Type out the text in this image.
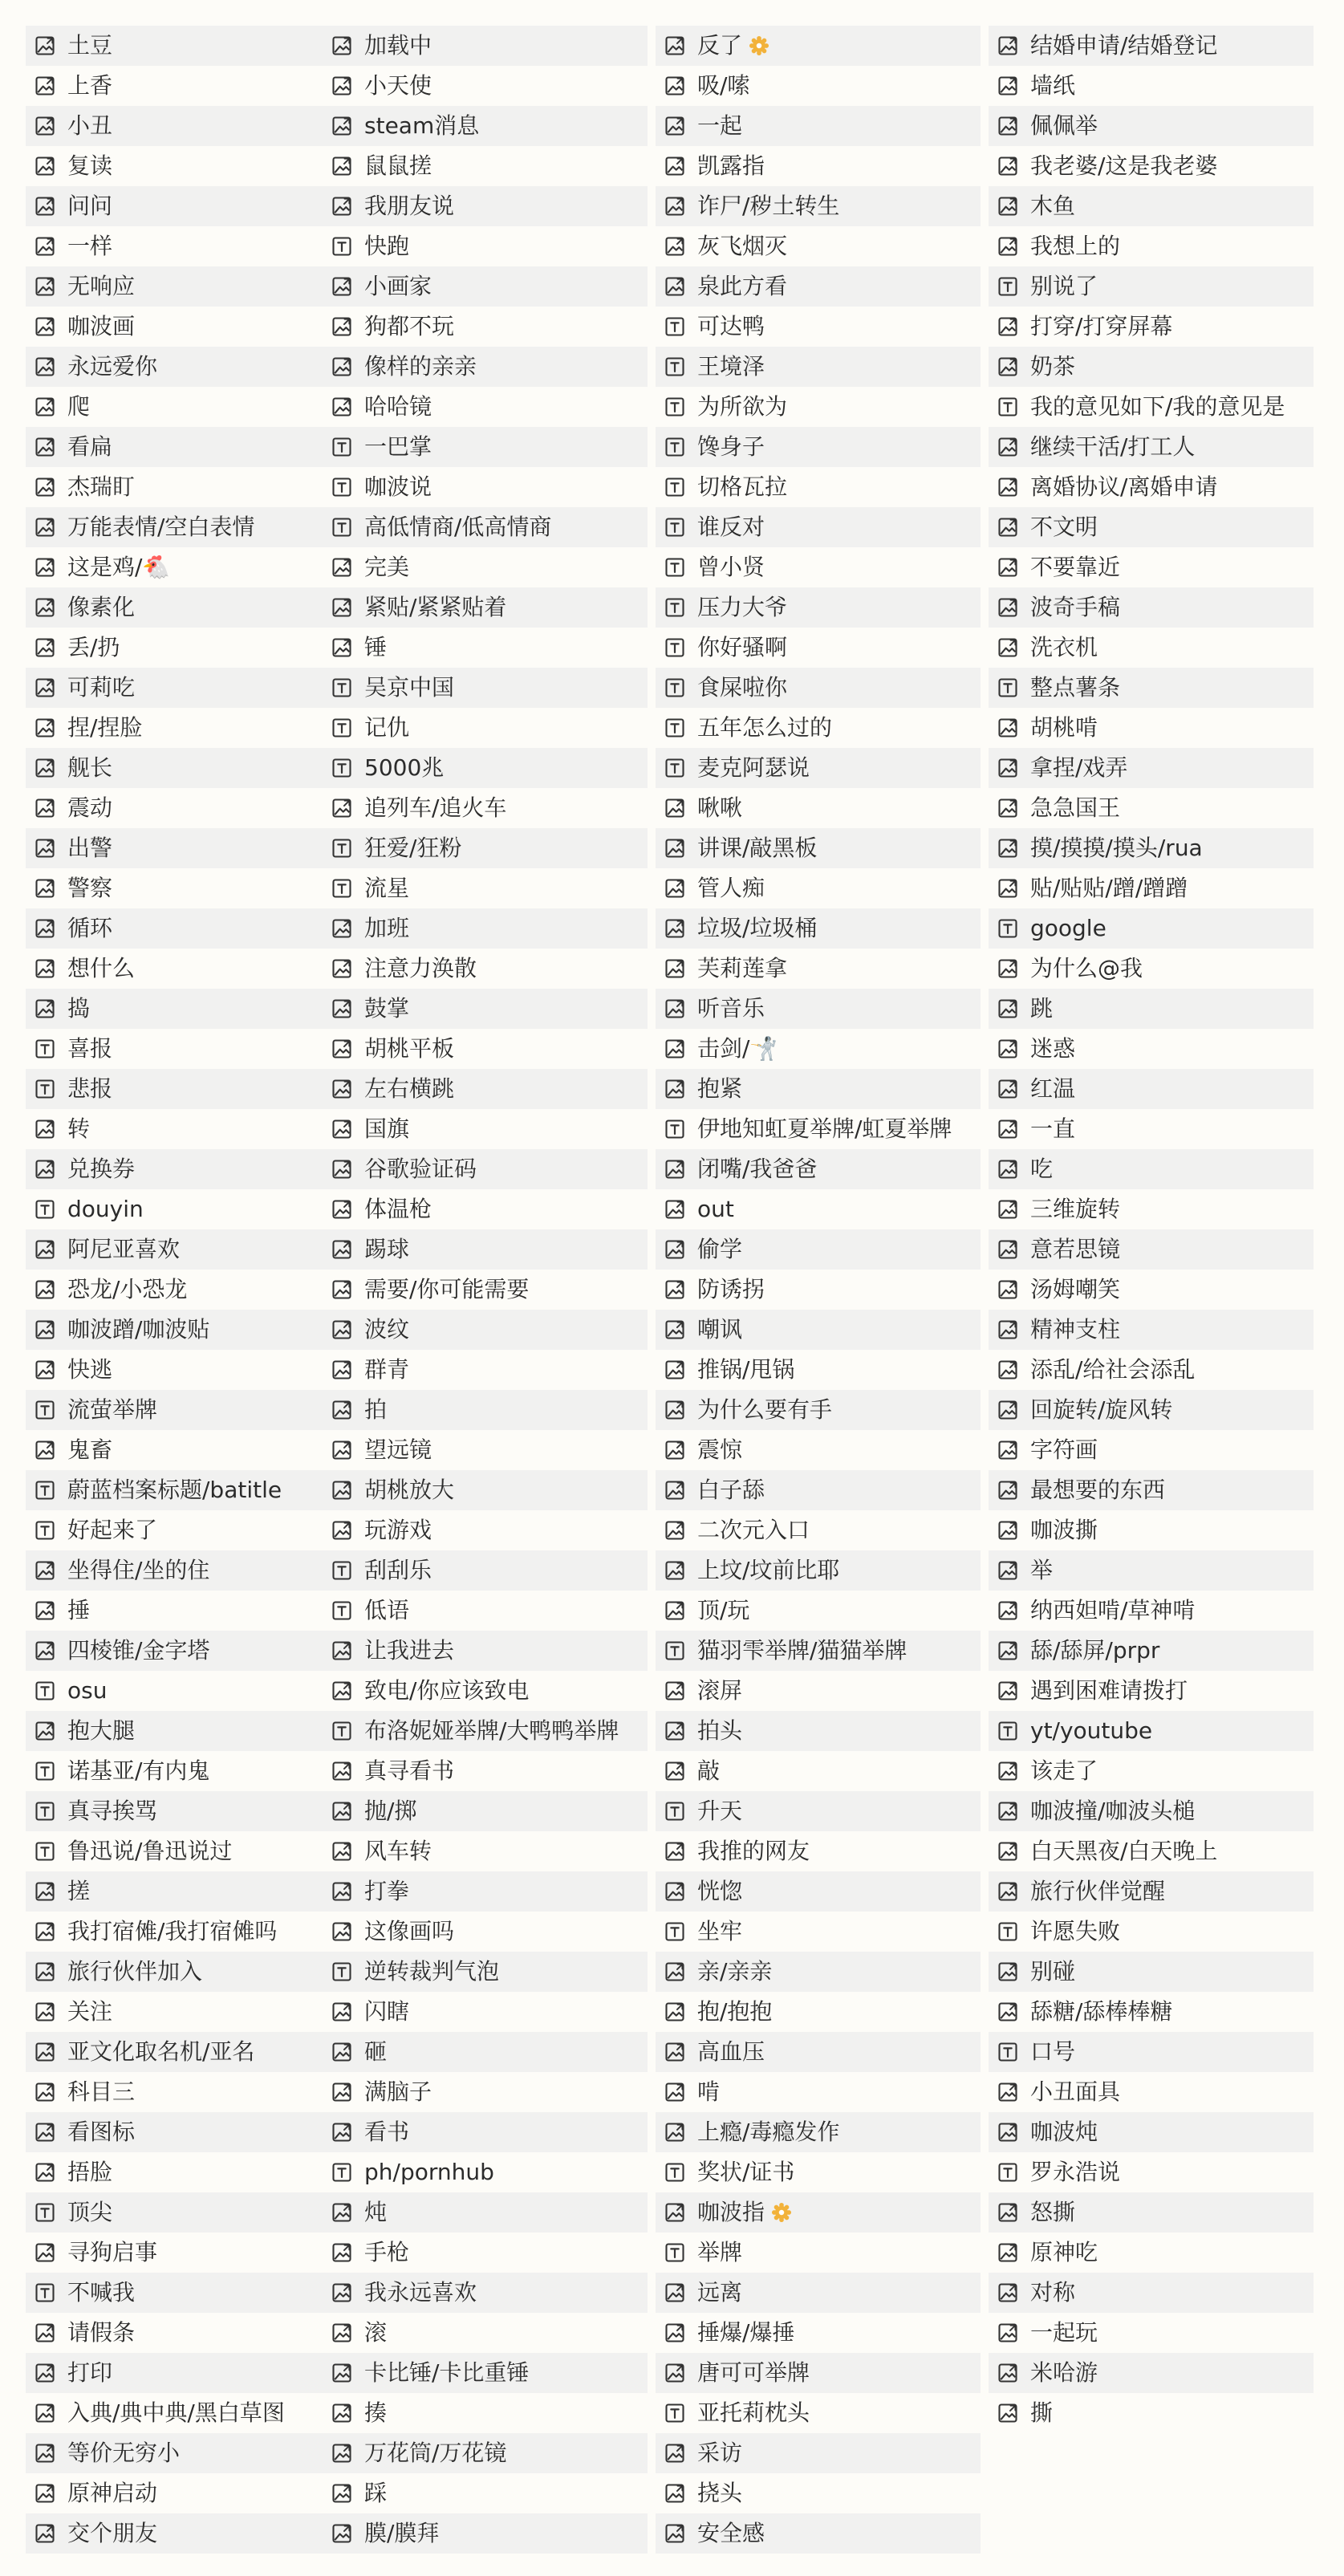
土豆
上香
小丑
复读
问问
一样
无响应
咖波画
永远爱你
爬
看扁
杰瑞盯
万能表情/空白表情
这是鸡/🐔
像素化
丢/扔
可莉吃
捏/捏脸
舰长
震动
出警
警察
循环
想什么
捣
喜报
悲报
转
兑换券
douyin
阿尼亚喜欢
恐龙/小恐龙
咖波蹭/咖波贴
快逃
流萤举牌
鬼畜
蔚蓝档案标题/batitle
好起来了
坐得住/坐的住
捶
四棱锥/金字塔
osu
抱大腿
诺基亚/有内鬼
真寻挨骂
鲁迅说/鲁迅说过
搓
我打宿傩/我打宿傩吗
旅行伙伴加入
关注
亚文化取名机/亚名
科目三
看图标
捂脸
顶尖
寻狗启事
不喊我
请假条
打印
入典/典中典/黑白草图
等价无穷小
原神启动
交个朋友
加载中
小天使
steam消息
鼠鼠搓
我朋友说
快跑
小画家
狗都不玩
像样的亲亲
哈哈镜
一巴掌
咖波说
高低情商/低高情商
完美
紧贴/紧紧贴着
锤
吴京中国
记仇
5000兆
追列车/追火车
狂爱/狂粉
流星
加班
注意力涣散
鼓掌
胡桃平板
左右横跳
国旗
谷歌验证码
体温枪
踢球
需要/你可能需要
波纹
群青
拍
望远镜
胡桃放大
玩游戏
刮刮乐
低语
让我进去
致电/你应该致电
布洛妮娅举牌/大鸭鸭举牌
真寻看书
抛/掷
风车转
打拳
这像画吗
逆转裁判气泡
闪瞎
砸
满脑子
看书
ph/pornhub
炖
手枪
我永远喜欢
滚
卡比锤/卡比重锤
揍
万花筒/万花镜
踩
膜/膜拜
反了
吸/嗦
一起
凯露指
诈尸/秽土转生
灰飞烟灭
泉此方看
可达鸭
王境泽
为所欲为
馋身子
切格瓦拉
谁反对
曾小贤
压力大爷
你好骚啊
食屎啦你
五年怎么过的
麦克阿瑟说
啾啾
讲课/敲黑板
管人痴
垃圾/垃圾桶
芙莉莲拿
听音乐
击剑/🤺
抱紧
伊地知虹夏举牌/虹夏举牌
闭嘴/我爸爸
out
偷学
防诱拐
嘲讽
推锅/甩锅
为什么要有手
震惊
白子舔
二次元入口
上坟/坟前比耶
顶/玩
猫羽雫举牌/猫猫举牌
滚屏
拍头
敲
升天
我推的网友
恍惚
坐牢
亲/亲亲
抱/抱抱
高血压
啃
上瘾/毒瘾发作
奖状/证书
咖波指
举牌
远离
捶爆/爆捶
唐可可举牌
亚托莉枕头
采访
挠头
安全感
结婚申请/结婚登记
墙纸
佩佩举
我老婆/这是我老婆
木鱼
我想上的
别说了
打穿/打穿屏幕
奶茶
我的意见如下/我的意见是
继续干活/打工人
离婚协议/离婚申请
不文明
不要靠近
波奇手稿
洗衣机
整点薯条
胡桃啃
拿捏/戏弄
急急国王
摸/摸摸/摸头/rua
贴/贴贴/蹭/蹭蹭
google
为什么@我
跳
迷惑
红温
一直
吃
三维旋转
意若思镜
汤姆嘲笑
精神支柱
添乱/给社会添乱
回旋转/旋风转
字符画
最想要的东西
咖波撕
举
纳西妲啃/草神啃
舔/舔屏/prpr
遇到困难请拨打
yt/youtube
该走了
咖波撞/咖波头槌
白天黑夜/白天晚上
旅行伙伴觉醒
许愿失败
别碰
舔糖/舔棒棒糖
口号
小丑面具
咖波炖
罗永浩说
怒撕
原神吃
对称
一起玩
米哈游
撕
